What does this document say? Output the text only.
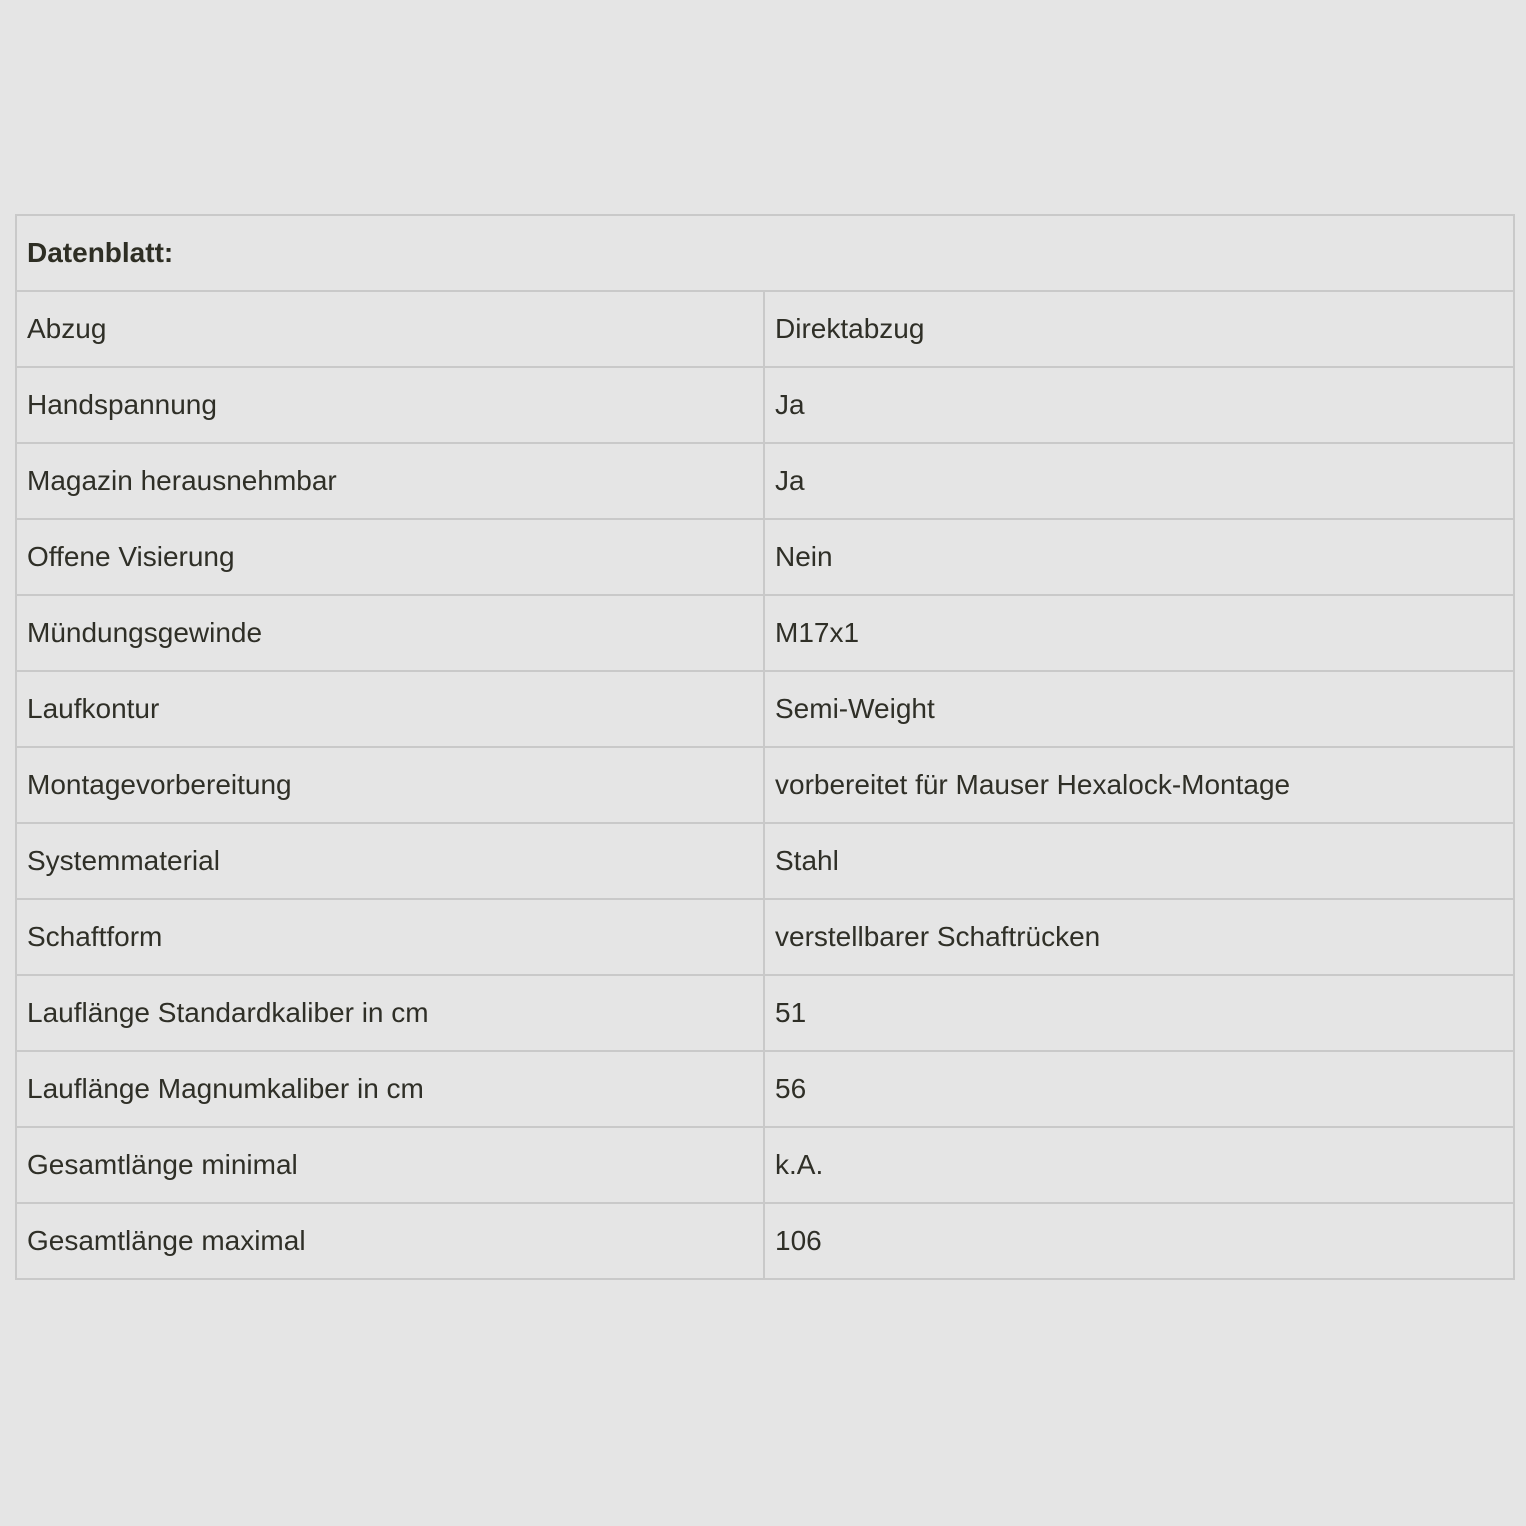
Datenblatt:	
Abzug	Direktabzug
Handspannung	Ja
Magazin herausnehmbar	Ja
Offene Visierung	Nein
Mündungsgewinde	M17x1
Laufkontur	Semi-Weight
Montagevorbereitung	vorbereitet für Mauser Hexalock-Montage
Systemmaterial	Stahl
Schaftform	verstellbarer Schaftrücken
Lauflänge Standardkaliber in cm	51
Lauflänge Magnumkaliber in cm	56
Gesamtlänge minimal	k.A.
Gesamtlänge maximal	106
